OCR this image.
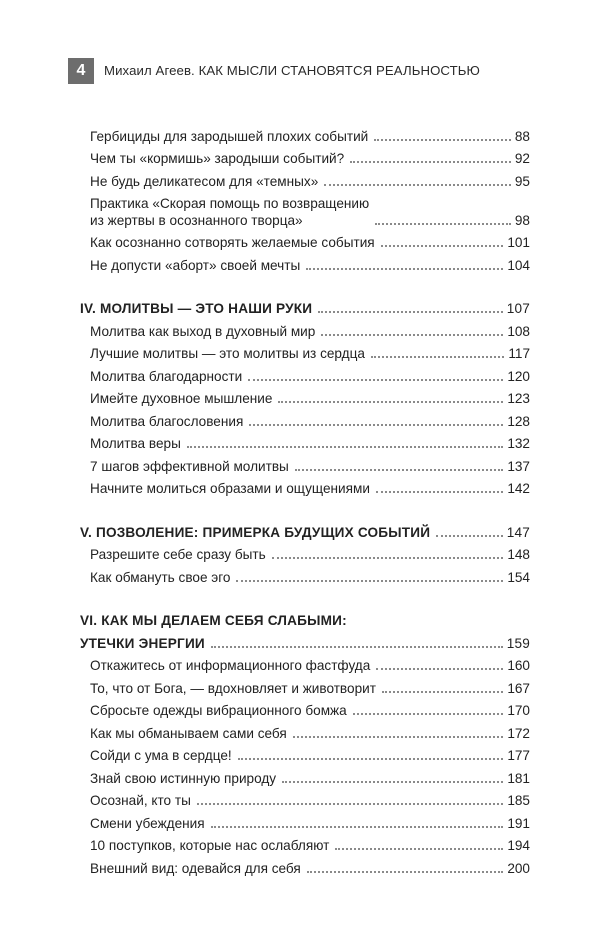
4 Михаил Агеев. КАК МЫСЛИ СТАНОВЯТСЯ РЕАЛЬНОСТЬЮ
Гербициды для зародышей плохих событий	88
Чем ты «кормишь» зародыши событий?	92
Не будь деликатесом для «темных»	95
Практика «Скорая помощь по возвращению
из жертвы в осознанного творца»	98
Как осознанно сотворять желаемые события	101
Не допусти «аборт» своей мечты	104
IV. МОЛИТВЫ — ЭТО НАШИ РУКИ	107
Молитва как выход в духовный мир	108
Лучшие молитвы — это молитвы из сердца	117
Молитва благодарности	120
Имейте духовное мышление	123
Молитва благословения	128
Молитва веры	132
7 шагов эффективной молитвы	137
Начните молиться образами и ощущениями	142
V. ПОЗВОЛЕНИЕ: ПРИМЕРКА БУДУЩИХ СОБЫТИЙ	147
Разрешите себе сразу быть	148
Как обмануть свое эго	154
VI. КАК МЫ ДЕЛАЕМ СЕБЯ СЛАБЫМИ:
УТЕЧКИ ЭНЕРГИИ	159
Откажитесь от информационного фастфуда	160
То, что от Бога, — вдохновляет и животворит	167
Сбросьте одежды вибрационного бомжа	170
Как мы обманываем сами себя	172
Сойди с ума в сердце!	177
Знай свою истинную природу	181
Осознай, кто ты	185
Смени убеждения	191
10 поступков, которые нас ослабляют	194
Внешний вид: одевайся для себя	200
